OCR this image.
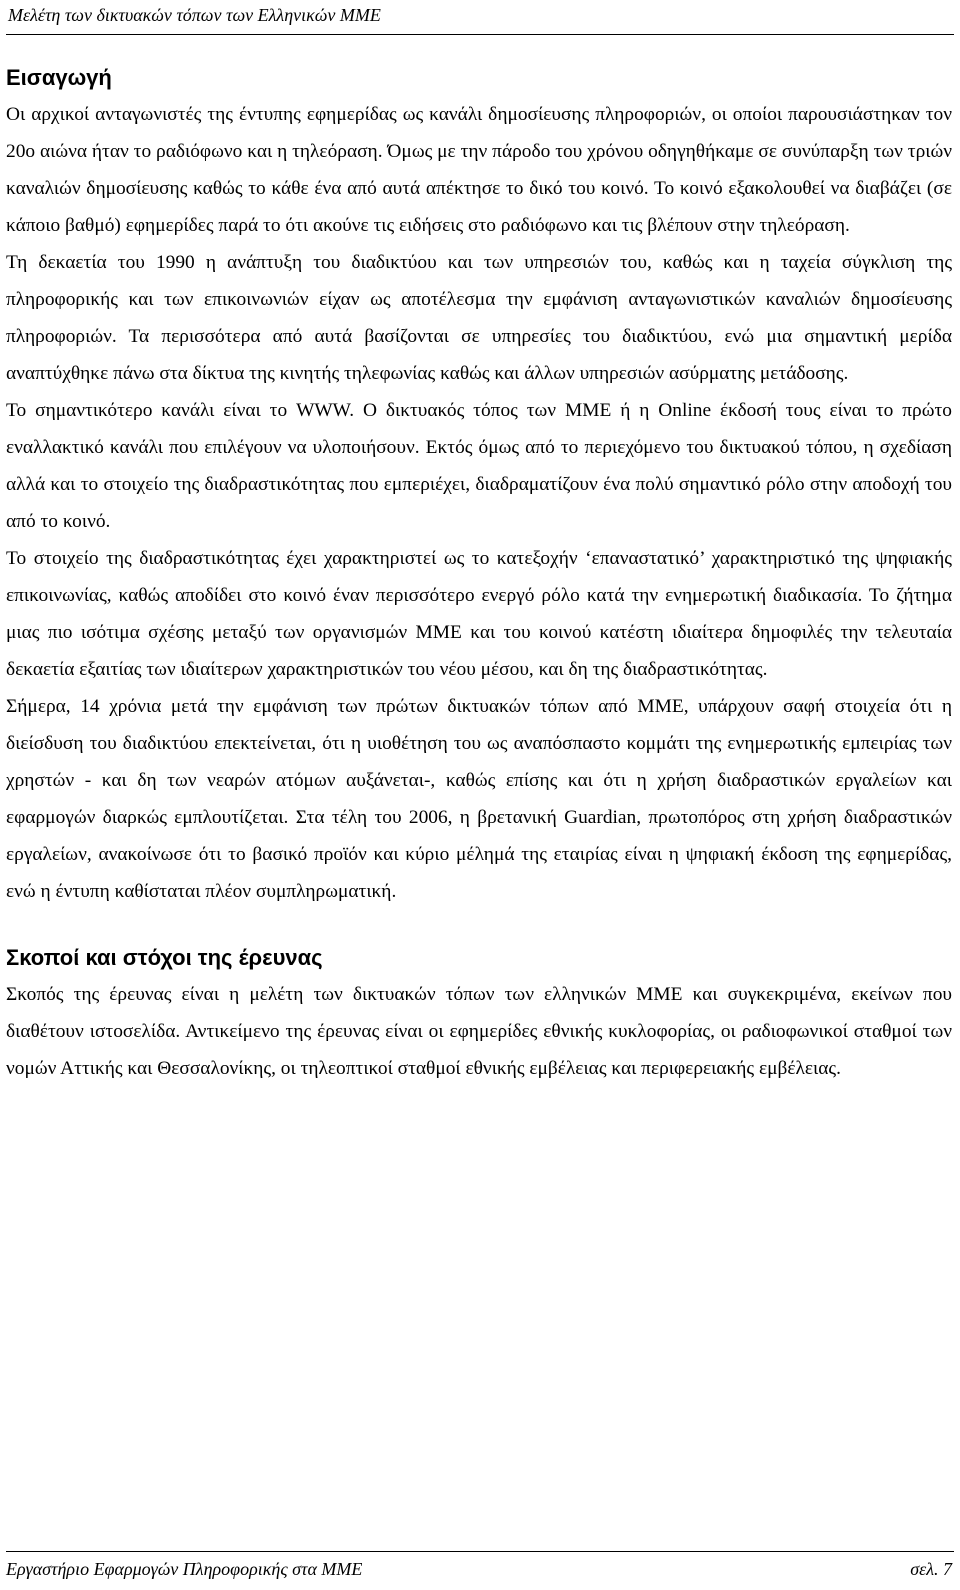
Μελέτη των δικτυακών τόπων των Ελληνικών ΜΜΕ
Εισαγωγή

Οι αρχικοί ανταγωνιστές της έντυπης εφημερίδας ως κανάλι δημοσίευσης πληροφοριών, οι οποίοι παρουσιάστηκαν τον 20ο αιώνα ήταν το ραδιόφωνο και η τηλεόραση. Όμως με την πάροδο του χρόνου οδηγηθήκαμε σε συνύπαρξη των τριών καναλιών δημοσίευσης καθώς το κάθε ένα από αυτά απέκτησε το δικό του κοινό. Το κοινό εξακολουθεί να διαβάζει (σε κάποιο βαθμό) εφημερίδες παρά το ότι ακούνε τις ειδήσεις στο ραδιόφωνο και τις βλέπουν στην τηλεόραση.

Τη δεκαετία του 1990 η ανάπτυξη του διαδικτύου και των υπηρεσιών του, καθώς και η ταχεία σύγκλιση της πληροφορικής και των επικοινωνιών είχαν ως αποτέλεσμα την εμφάνιση ανταγωνιστικών καναλιών δημοσίευσης πληροφοριών. Τα περισσότερα από αυτά βασίζονται σε υπηρεσίες του διαδικτύου, ενώ μια σημαντική μερίδα αναπτύχθηκε πάνω στα δίκτυα της κινητής τηλεφωνίας καθώς και άλλων υπηρεσιών ασύρματης μετάδοσης.

Το σημαντικότερο κανάλι είναι το WWW. Ο δικτυακός τόπος των ΜΜΕ ή η Online έκδοσή τους είναι το πρώτο εναλλακτικό κανάλι που επιλέγουν να υλοποιήσουν. Εκτός όμως από το περιεχόμενο του δικτυακού τόπου, η σχεδίαση αλλά και το στοιχείο της διαδραστικότητας που εμπεριέχει, διαδραματίζουν ένα πολύ σημαντικό ρόλο στην αποδοχή του από το κοινό.

Το στοιχείο της διαδραστικότητας έχει χαρακτηριστεί ως το κατεξοχήν ‘επαναστατικό’ χαρακτηριστικό της ψηφιακής επικοινωνίας, καθώς αποδίδει στο κοινό έναν περισσότερο ενεργό ρόλο κατά την ενημερωτική διαδικασία. Το ζήτημα μιας πιο ισότιμα σχέσης μεταξύ των οργανισμών ΜΜΕ και του κοινού κατέστη ιδιαίτερα δημοφιλές την τελευταία δεκαετία εξαιτίας των ιδιαίτερων χαρακτηριστικών του νέου μέσου, και δη της διαδραστικότητας.

Σήμερα, 14 χρόνια μετά την εμφάνιση των πρώτων δικτυακών τόπων από ΜΜΕ, υπάρχουν σαφή στοιχεία ότι η διείσδυση του διαδικτύου επεκτείνεται, ότι η υιοθέτηση του ως αναπόσπαστο κομμάτι της ενημερωτικής εμπειρίας των χρηστών - και δη των νεαρών ατόμων αυξάνεται-, καθώς επίσης και ότι η χρήση διαδραστικών εργαλείων και εφαρμογών διαρκώς εμπλουτίζεται. Στα τέλη του 2006, η βρετανική Guardian, πρωτοπόρος στη χρήση διαδραστικών εργαλείων, ανακοίνωσε ότι το βασικό προϊόν και κύριο μέλημά της εταιρίας είναι η ψηφιακή έκδοση της εφημερίδας, ενώ η έντυπη καθίσταται πλέον συμπληρωματική.

Σκοποί και στόχοι της έρευνας

Σκοπός της έρευνας είναι η μελέτη των δικτυακών τόπων των ελληνικών ΜΜΕ και συγκεκριμένα, εκείνων που διαθέτουν ιστοσελίδα. Αντικείμενο της έρευνας είναι οι εφημερίδες εθνικής κυκλοφορίας, οι ραδιοφωνικοί σταθμοί των νομών Αττικής και Θεσσαλονίκης, οι τηλεοπτικοί σταθμοί εθνικής εμβέλειας και περιφερειακής εμβέλειας.

Εργαστήριο Εφαρμογών Πληροφορικής στα ΜΜΕ	σελ. 7
